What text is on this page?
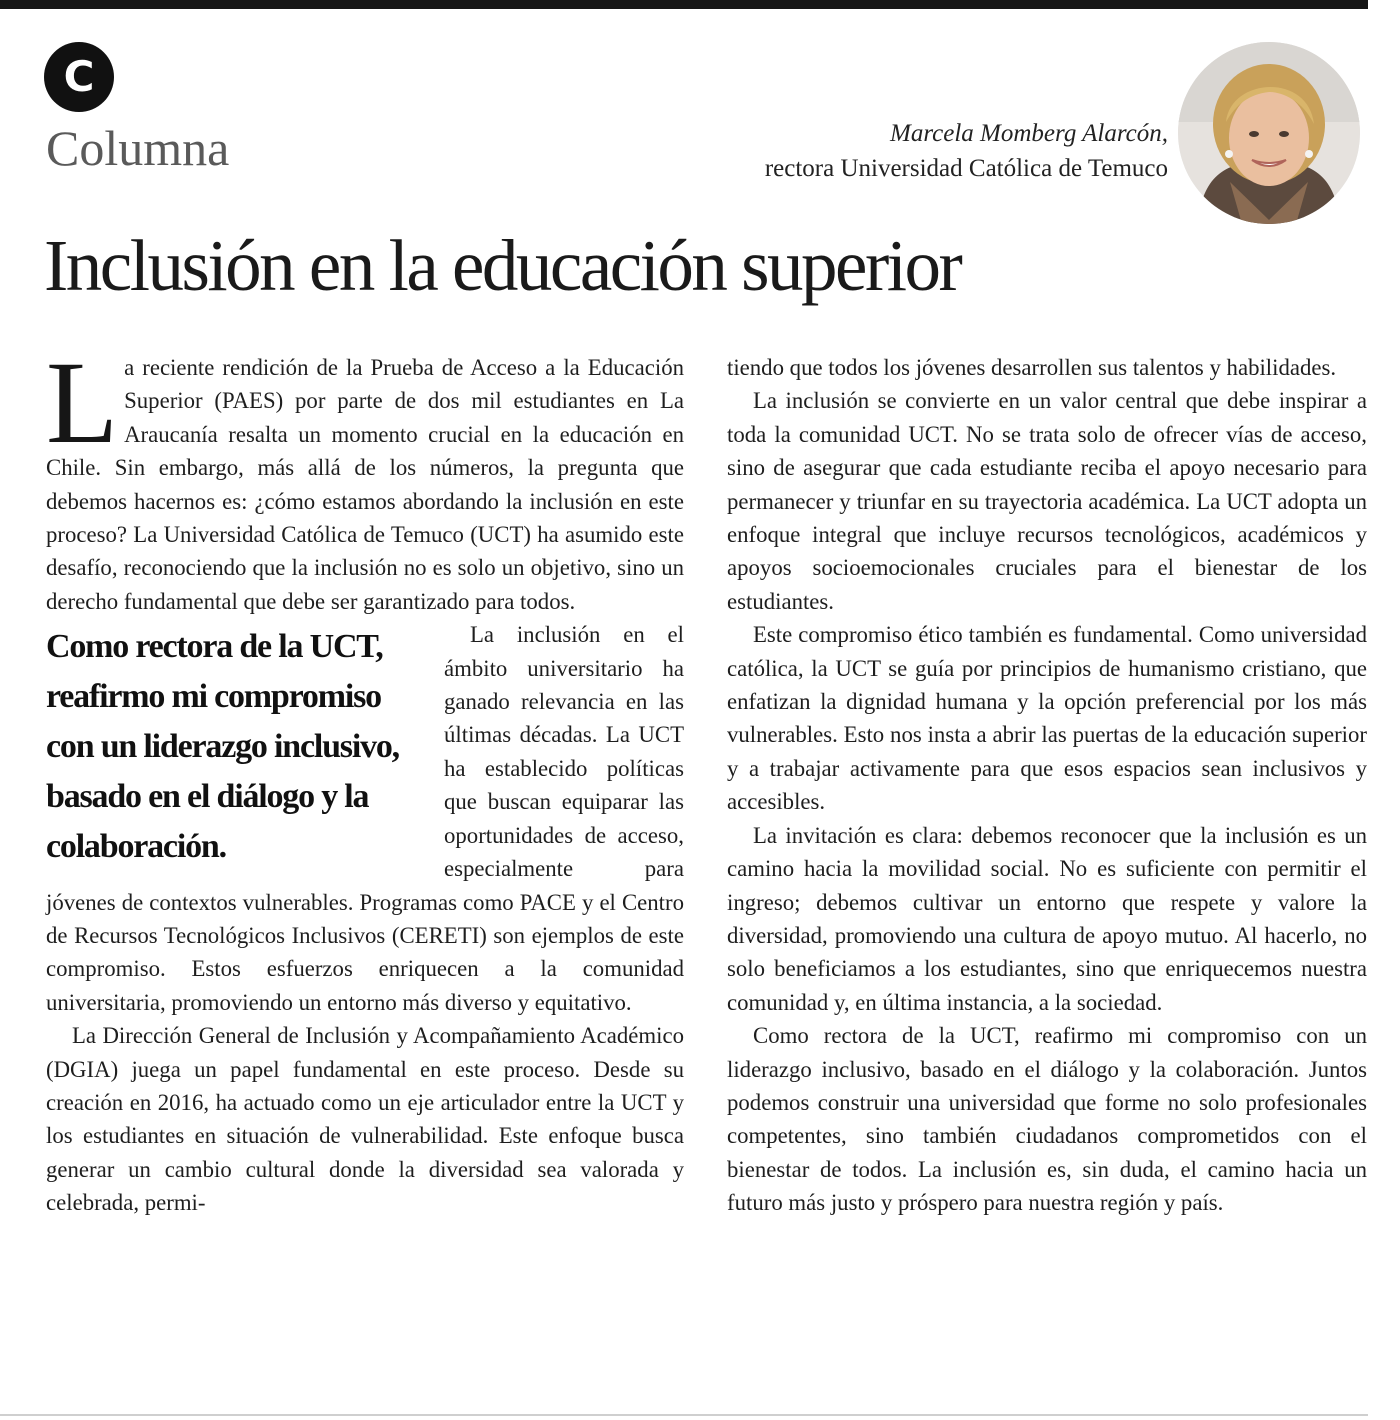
C
Columna	Marcela Momberg Alarcón,
rectora Universidad Católica de Temuco
Inclusión en la educación superior

La reciente rendición de la Prueba de Acceso a la Educación Superior (PAES) por parte de dos mil estudiantes en La Araucanía resalta un momento crucial en la educación en Chile. Sin embargo, más allá de los números, la pregunta que debemos hacernos es: ¿cómo estamos abordando la inclusión en este proceso? La Universidad Católica de Temuco (UCT) ha asumido este desafío, reconociendo que la inclusión no es solo un objetivo, sino un derecho fundamental que debe ser garantizado para todos.

Como rectora de la UCT, reafirmo mi compromiso con un liderazgo inclusivo, basado en el diálogo y la colaboración.
La inclusión en el ámbito universitario ha ganado relevancia en las últimas décadas. La UCT ha establecido políticas que buscan equiparar las oportunidades de acceso, especialmente para jóvenes de contextos vulnerables. Programas como PACE y el Centro de Recursos Tecnológicos Inclusivos (CERETI) son ejemplos de este compromiso. Estos esfuerzos enriquecen a la comunidad universitaria, promoviendo un entorno más diverso y equitativo.

La Dirección General de Inclusión y Acompañamiento Académico (DGIA) juega un papel fundamental en este proceso. Desde su creación en 2016, ha actuado como un eje articulador entre la UCT y los estudiantes en situación de vulnerabilidad. Este enfoque busca generar un cambio cultural donde la diversidad sea valorada y celebrada, permi-

tiendo que todos los jóvenes desarrollen sus talentos y habilidades.

La inclusión se convierte en un valor central que debe inspirar a toda la comunidad UCT. No se trata solo de ofrecer vías de acceso, sino de asegurar que cada estudiante reciba el apoyo necesario para permanecer y triunfar en su trayectoria académica. La UCT adopta un enfoque integral que incluye recursos tecnológicos, académicos y apoyos socioemocionales cruciales para el bienestar de los estudiantes.

Este compromiso ético también es fundamental. Como universidad católica, la UCT se guía por principios de humanismo cristiano, que enfatizan la dignidad humana y la opción preferencial por los más vulnerables. Esto nos insta a abrir las puertas de la educación superior y a trabajar activamente para que esos espacios sean inclusivos y accesibles.

La invitación es clara: debemos reconocer que la inclusión es un camino hacia la movilidad social. No es suficiente con permitir el ingreso; debemos cultivar un entorno que respete y valore la diversidad, promoviendo una cultura de apoyo mutuo. Al hacerlo, no solo beneficiamos a los estudiantes, sino que enriquecemos nuestra comunidad y, en última instancia, a la sociedad.

Como rectora de la UCT, reafirmo mi compromiso con un liderazgo inclusivo, basado en el diálogo y la colaboración. Juntos podemos construir una universidad que forme no solo profesionales competentes, sino también ciudadanos comprometidos con el bienestar de todos. La inclusión es, sin duda, el camino hacia un futuro más justo y próspero para nuestra región y país.
